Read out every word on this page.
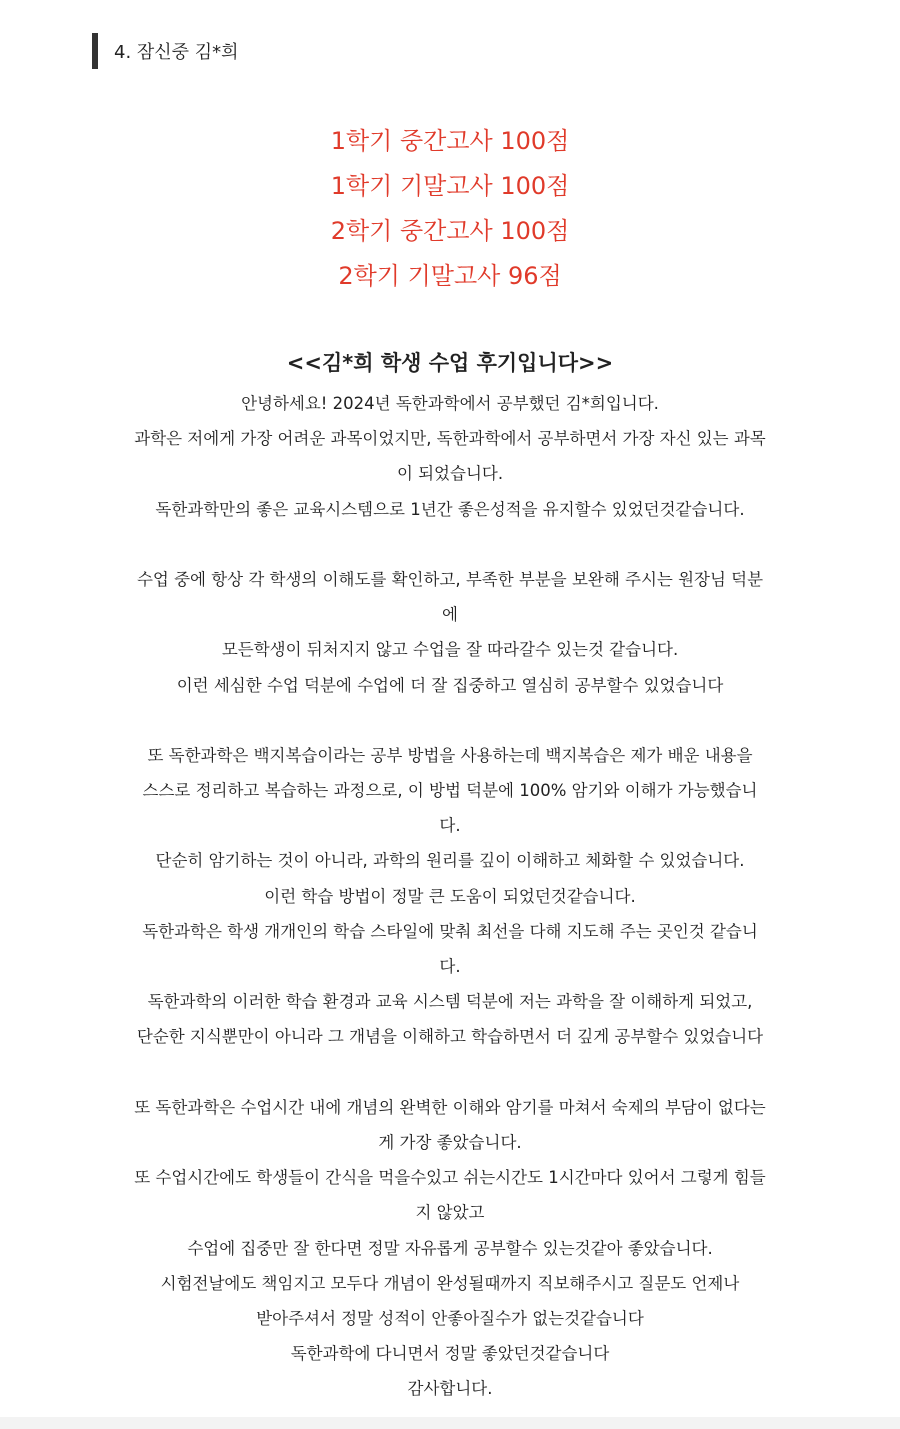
4. 잠신중 김*희
1학기 중간고사 100점
1학기 기말고사 100점
2학기 중간고사 100점
2학기 기말고사 96점
<<김*희 학생 수업 후기입니다>>
안녕하세요! 2024년 독한과학에서 공부했던 김*희입니다.
과학은 저에게 가장 어려운 과목이었지만, 독한과학에서 공부하면서 가장 자신 있는 과목
이 되었습니다.
독한과학만의 좋은 교육시스템으로 1년간 좋은성적을 유지할수 있었던것같습니다.
수업 중에 항상 각 학생의 이해도를 확인하고, 부족한 부분을 보완해 주시는 원장님 덕분
에
모든학생이 뒤처지지 않고 수업을 잘 따라갈수 있는것 같습니다.
이런 세심한 수업 덕분에 수업에 더 잘 집중하고 열심히 공부할수 있었습니다
또 독한과학은 백지복습이라는 공부 방법을 사용하는데 백지복습은 제가 배운 내용을
스스로 정리하고 복습하는 과정으로, 이 방법 덕분에 100% 암기와 이해가 가능했습니
다.
단순히 암기하는 것이 아니라, 과학의 원리를 깊이 이해하고 체화할 수 있었습니다.
이런 학습 방법이 정말 큰 도움이 되었던것같습니다.
독한과학은 학생 개개인의 학습 스타일에 맞춰 최선을 다해 지도해 주는 곳인것 같습니
다.
독한과학의 이러한 학습 환경과 교육 시스템 덕분에 저는 과학을 잘 이해하게 되었고,
단순한 지식뿐만이 아니라 그 개념을 이해하고 학습하면서 더 깊게 공부할수 있었습니다
또 독한과학은 수업시간 내에 개념의 완벽한 이해와 암기를 마쳐서 숙제의 부담이 없다는
게 가장 좋았습니다.
또 수업시간에도 학생들이 간식을 먹을수있고 쉬는시간도 1시간마다 있어서 그렇게 힘들
지 않았고
수업에 집중만 잘 한다면 정말 자유롭게 공부할수 있는것같아 좋았습니다.
시험전날에도 책임지고 모두다 개념이 완성될때까지 직보해주시고 질문도 언제나
받아주셔서 정말 성적이 안좋아질수가 없는것같습니다
독한과학에 다니면서 정말 좋았던것같습니다
감사합니다.
